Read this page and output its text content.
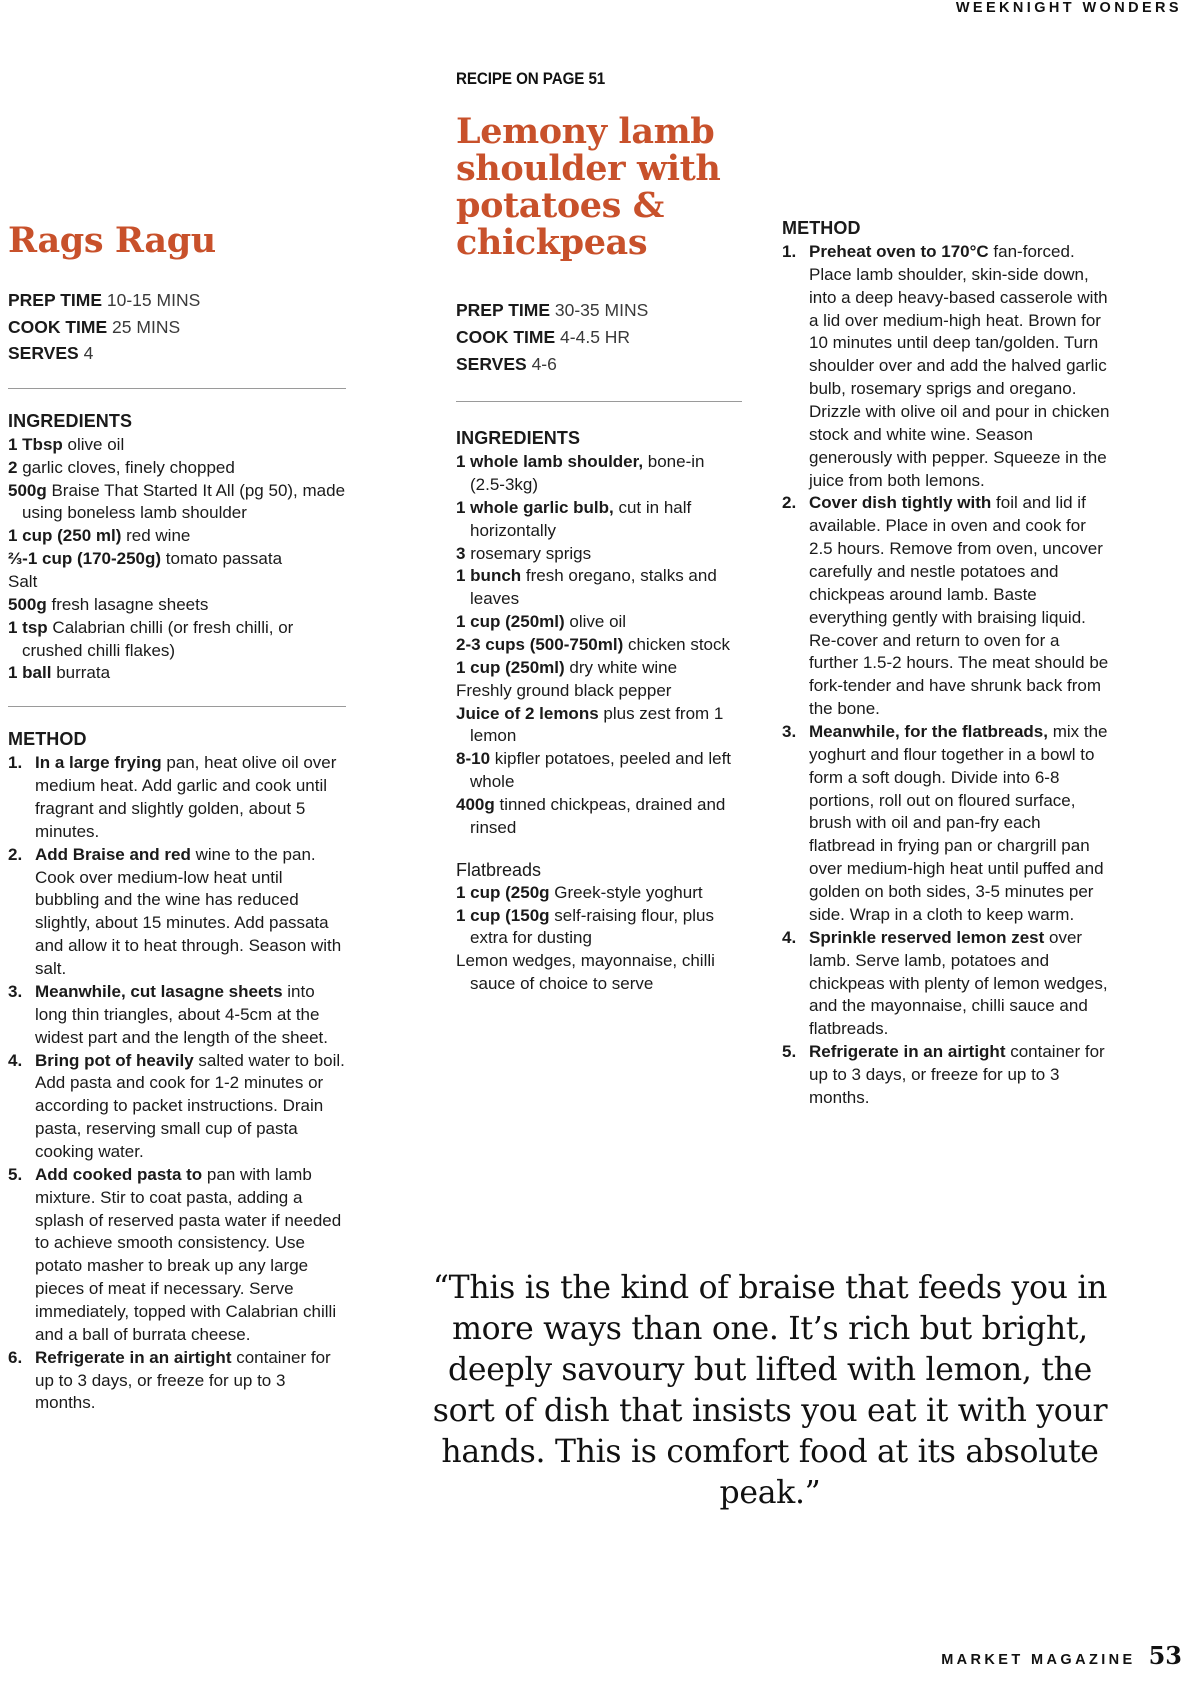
WEEKNIGHT WONDERS
Rags Ragu
PREP TIME 10-15 MINS
COOK TIME 25 MINS
SERVES 4
INGREDIENTS
1 Tbsp olive oil
2 garlic cloves, finely chopped
500g Braise That Started It All (pg 50), made using boneless lamb shoulder
1 cup (250 ml) red wine
⅔-1 cup (170-250g) tomato passata
Salt
500g fresh lasagne sheets
1 tsp Calabrian chilli (or fresh chilli, or crushed chilli flakes)
1 ball burrata
METHOD
In a large frying pan, heat olive oil over medium heat. Add garlic and cook until fragrant and slightly golden, about 5 minutes.
Add Braise and red wine to the pan. Cook over medium-low heat until bubbling and the wine has reduced slightly, about 15 minutes. Add passata and allow it to heat through. Season with salt.
Meanwhile, cut lasagne sheets into long thin triangles, about 4-5cm at the widest part and the length of the sheet.
Bring pot of heavily salted water to boil. Add pasta and cook for 1-2 minutes or according to packet instructions. Drain pasta, reserving small cup of pasta cooking water.
Add cooked pasta to pan with lamb mixture. Stir to coat pasta, adding a splash of reserved pasta water if needed to achieve smooth consistency. Use potato masher to break up any large pieces of meat if necessary. Serve immediately, topped with Calabrian chilli and a ball of burrata cheese.
Refrigerate in an airtight container for up to 3 days, or freeze for up to 3 months.
RECIPE ON PAGE 51
Lemony lamb shoulder with potatoes & chickpeas
PREP TIME 30-35 MINS
COOK TIME 4-4.5 HR
SERVES 4-6
INGREDIENTS
1 whole lamb shoulder, bone-in (2.5-3kg)
1 whole garlic bulb, cut in half horizontally
3 rosemary sprigs
1 bunch fresh oregano, stalks and leaves
1 cup (250ml) olive oil
2-3 cups (500-750ml) chicken stock
1 cup (250ml) dry white wine
Freshly ground black pepper
Juice of 2 lemons plus zest from 1 lemon
8-10 kipfler potatoes, peeled and left whole
400g tinned chickpeas, drained and rinsed
Flatbreads
1 cup (250g Greek-style yoghurt
1 cup (150g self-raising flour, plus extra for dusting
Lemon wedges, mayonnaise, chilli sauce of choice to serve
METHOD
Preheat oven to 170°C fan-forced. Place lamb shoulder, skin-side down, into a deep heavy-based casserole with a lid over medium-high heat. Brown for 10 minutes until deep tan/golden. Turn shoulder over and add the halved garlic bulb, rosemary sprigs and oregano. Drizzle with olive oil and pour in chicken stock and white wine. Season generously with pepper. Squeeze in the juice from both lemons.
Cover dish tightly with foil and lid if available. Place in oven and cook for 2.5 hours. Remove from oven, uncover carefully and nestle potatoes and chickpeas around lamb. Baste everything gently with braising liquid. Re-cover and return to oven for a further 1.5-2 hours. The meat should be fork-tender and have shrunk back from the bone.
Meanwhile, for the flatbreads, mix the yoghurt and flour together in a bowl to form a soft dough. Divide into 6-8 portions, roll out on floured surface, brush with oil and pan-fry each flatbread in frying pan or chargrill pan over medium-high heat until puffed and golden on both sides, 3-5 minutes per side. Wrap in a cloth to keep warm.
Sprinkle reserved lemon zest over lamb. Serve lamb, potatoes and chickpeas with plenty of lemon wedges, and the mayonnaise, chilli sauce and flatbreads.
Refrigerate in an airtight container for up to 3 days, or freeze for up to 3 months.
“This is the kind of braise that feeds you in more ways than one. It’s rich but bright, deeply savoury but lifted with lemon, the sort of dish that insists you eat it with your hands. This is comfort food at its absolute peak.”
MARKET MAGAZINE 53
